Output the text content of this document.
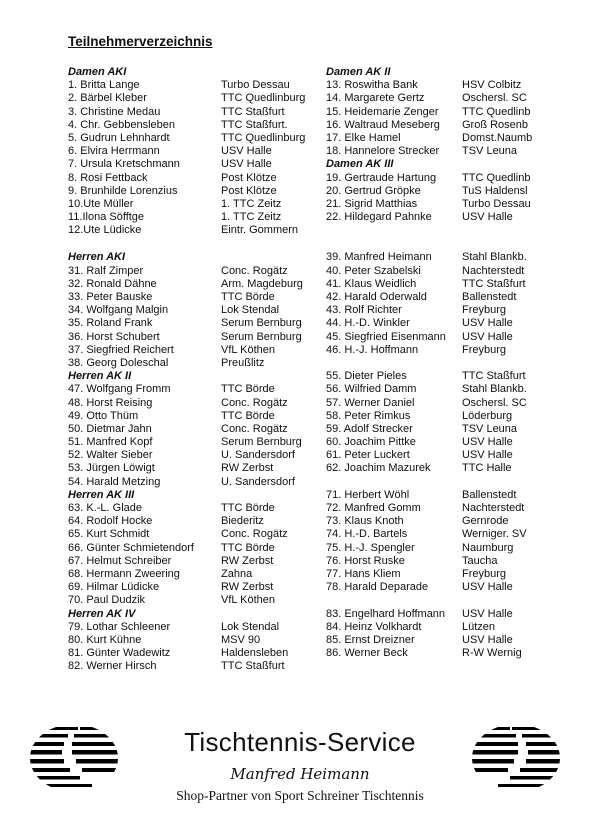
Teilnehmerverzeichnis
Damen AKI
1. Britta Lange	Turbo Dessau
2. Bärbel Kleber	TTC Quedlinburg
3. Christine Medau	TTC Staßfurt
4. Chr. Gebbensleben	TTC Staßfurt.
5. Gudrun Lehnhardt	TTC Quedlinburg
6. Elvira Herrmann	USV Halle
7. Ursula Kretschmann	USV Halle
8. Rosi Fettback	Post Klötze
9. Brunhilde Lorenzius	Post Klötze
10.Ute Müller	1. TTC Zeitz
11.Ilona Söfftge	1. TTC Zeitz
12.Ute Lüdicke	Eintr. Gommern
Herren AKI
31. Ralf Zimper	Conc. Rogätz
32. Ronald Dähne	Arm. Magdeburg
33. Peter Bauske	TTC Börde
34. Wolfgang Malgin	Lok Stendal
35. Roland Frank	Serum Bernburg
36. Horst Schubert	Serum Bernburg
37. Siegfried Reichert	VfL Köthen
38. Georg Doleschal	Preußlitz
Herren AK II
47. Wolfgang Fromm	TTC Börde
48. Horst Reising	Conc. Rogätz
49. Otto Thüm	TTC Börde
50. Dietmar Jahn	Conc. Rogätz
51. Manfred Kopf	Serum Bernburg
52. Walter Sieber	U. Sandersdorf
53. Jürgen Löwigt	RW Zerbst
54. Harald Metzing	U. Sandersdorf
Herren AK III
63. K.-L. Glade	TTC Börde
64. Rodolf Hocke	Biederitz
65. Kurt Schmidt	Conc. Rogätz
66. Günter Schmietendorf TTC Börde
67. Helmut Schreiber	RW Zerbst
68. Hermann Zweering	Zahna
69. Hilmar Lüdicke	RW Zerbst
70. Paul Dudzik	VfL Köthen
Herren AK IV
79. Lothar Schleener	Lok Stendal
80. Kurt Kühne	MSV 90
81. Günter Wadewitz	Haldensleben
82. Werner Hirsch	TTC Staßfurt
Damen AK II
13. Roswitha Bank	HSV Colbitz
14. Margarete Gertz	Oschersl. SC
15. Heidemarie Zenger TTC Quedlinb
16. Waltraud Meseberg Groß Rosenb
17. Elke Hamel	Domst.Naumb
18. Hannelore Strecker TSV Leuna
Damen AK III
19. Gertraude Hartung TTC Quedlinb
20. Gertrud Gröpke	TuS Haldensl
21. Sigrid Matthias	Turbo Dessau
22. Hildegard Pahnke	USV Halle
39. Manfred Heimann	Stahl Blankb.
40. Peter Szabelski	Nachterstedt
41. Klaus Weidlich	TTC Staßfurt
42. Harald Oderwald	Ballenstedt
43. Rolf Richter	Freyburg
44. H.-D. Winkler	USV Halle
45. Siegfried Eisenmann USV Halle
46. H.-J. Hoffmann	Freyburg
55. Dieter Pieles	TTC Staßfurt
56. Wilfried Damm	Stahl Blankb.
57. Werner Daniel	Oschersl. SC
58. Peter Rimkus	Löderburg
59. Adolf Strecker	TSV Leuna
60. Joachim Pittke	USV Halle
61. Peter Luckert	USV Halle
62. Joachim Mazurek	TTC Halle
71. Herbert Wöhl	Ballenstedt
72. Manfred Gomm	Nachterstedt
73. Klaus Knoth	Gernrode
74. H.-D. Bartels	Werniger. SV
75. H.-J. Spengler	Naumburg
76. Horst Ruske	Taucha
77. Hans Kliem	Freyburg
78. Harald Deparade	USV Halle
83. Engelhard Hoffmann USV Halle
84. Heinz Volkhardt	Lützen
85. Ernst Dreizner	USV Halle
86. Werner Beck	R-W Wernig
Tischtennis-Service
Manfred Heimann
Shop-Partner von Sport Schreiner Tischtennis
